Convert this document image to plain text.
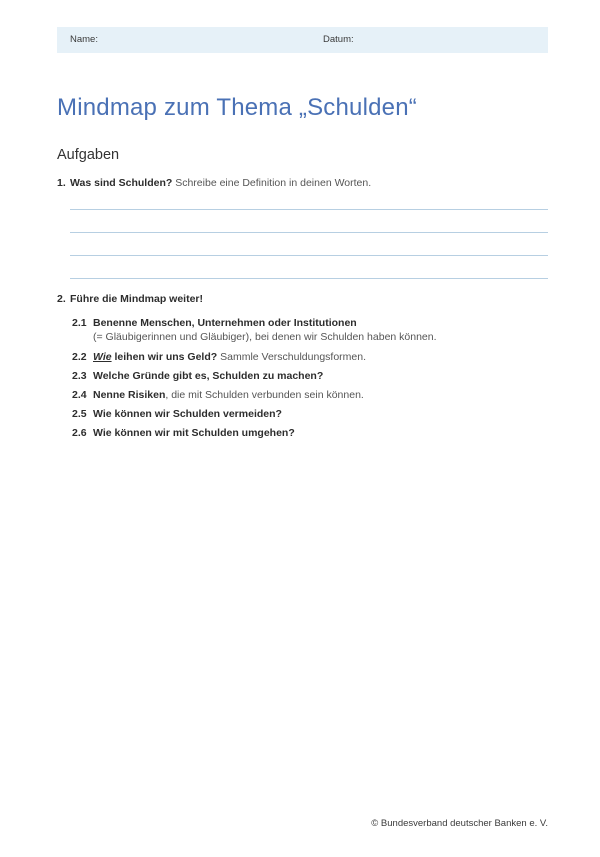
Name:	Datum:
Mindmap zum Thema „Schulden“
Aufgaben
1. Was sind Schulden? Schreibe eine Definition in deinen Worten.
2. Führe die Mindmap weiter!
2.1 Benenne Menschen, Unternehmen oder Institutionen
(= Gläubigerinnen und Gläubiger), bei denen wir Schulden haben können.
2.2 Wie leihen wir uns Geld? Sammle Verschuldungsformen.
2.3 Welche Gründe gibt es, Schulden zu machen?
2.4 Nenne Risiken, die mit Schulden verbunden sein können.
2.5 Wie können wir Schulden vermeiden?
2.6 Wie können wir mit Schulden umgehen?
© Bundesverband deutscher Banken e. V.
